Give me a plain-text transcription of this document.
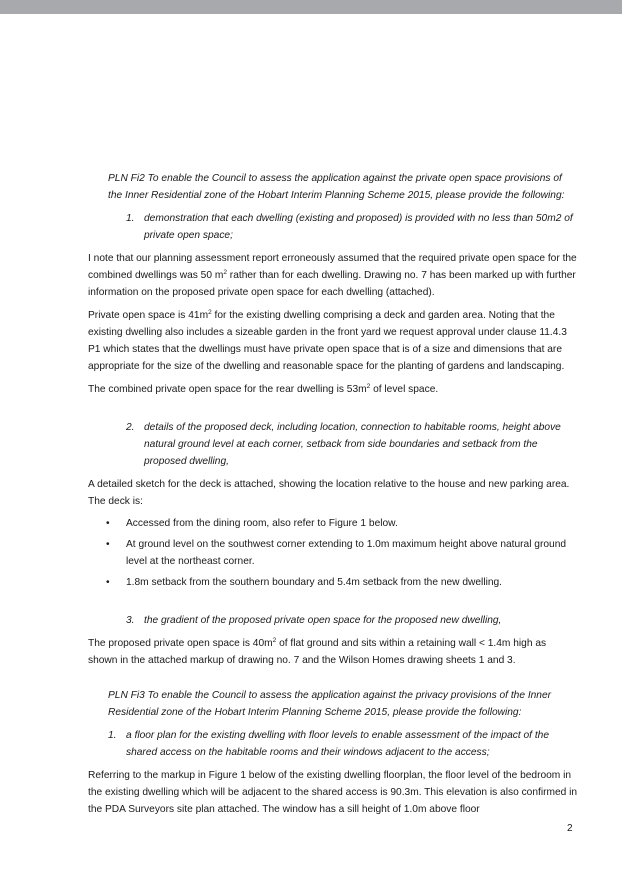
PLN Fi2 To enable the Council to assess the application against the private open space provisions of the Inner Residential zone of the Hobart Interim Planning Scheme 2015, please provide the following:

1. demonstration that each dwelling (existing and proposed) is provided with no less than 50m2 of private open space;

I note that our planning assessment report erroneously assumed that the required private open space for the combined dwellings was 50 $m^2$ rather than for each dwelling. Drawing no. 7 has been marked up with further information on the proposed private open space for each dwelling (attached).

Private open space is $41m^2$ for the existing dwelling comprising a deck and garden area. Noting that the existing dwelling also includes a sizeable garden in the front yard we request approval under clause 11.4.3 P1 which states that the dwellings must have private open space that is of a size and dimensions that are appropriate for the size of the dwelling and reasonable space for the planting of gardens and landscaping.

The combined private open space for the rear dwelling is $53m^2$ of level space.

2. details of the proposed deck, including location, connection to habitable rooms, height above natural ground level at each corner, setback from side boundaries and setback from the proposed dwelling,

A detailed sketch for the deck is attached, showing the location relative to the house and new parking area. The deck is:

•	Accessed from the dining room, also refer to Figure 1 below.
•	At ground level on the southwest corner extending to 1.0m maximum height above natural ground level at the northeast corner.
•	1.8m setback from the southern boundary and 5.4m setback from the new dwelling.
3. the gradient of the proposed private open space for the proposed new dwelling,

The proposed private open space is $40m^2$ of flat ground and sits within a retaining wall < 1.4m high as shown in the attached markup of drawing no. 7 and the Wilson Homes drawing sheets 1 and 3.

PLN Fi3 To enable the Council to assess the application against the privacy provisions of the Inner Residential zone of the Hobart Interim Planning Scheme 2015, please provide the following:

1. a floor plan for the existing dwelling with floor levels to enable assessment of the impact of the shared access on the habitable rooms and their windows adjacent to the access;

Referring to the markup in Figure 1 below of the existing dwelling floorplan, the floor level of the bedroom in the existing dwelling which will be adjacent to the shared access is 90.3m. This elevation is also confirmed in the PDA Surveyors site plan attached. The window has a sill height of 1.0m above floor

2
